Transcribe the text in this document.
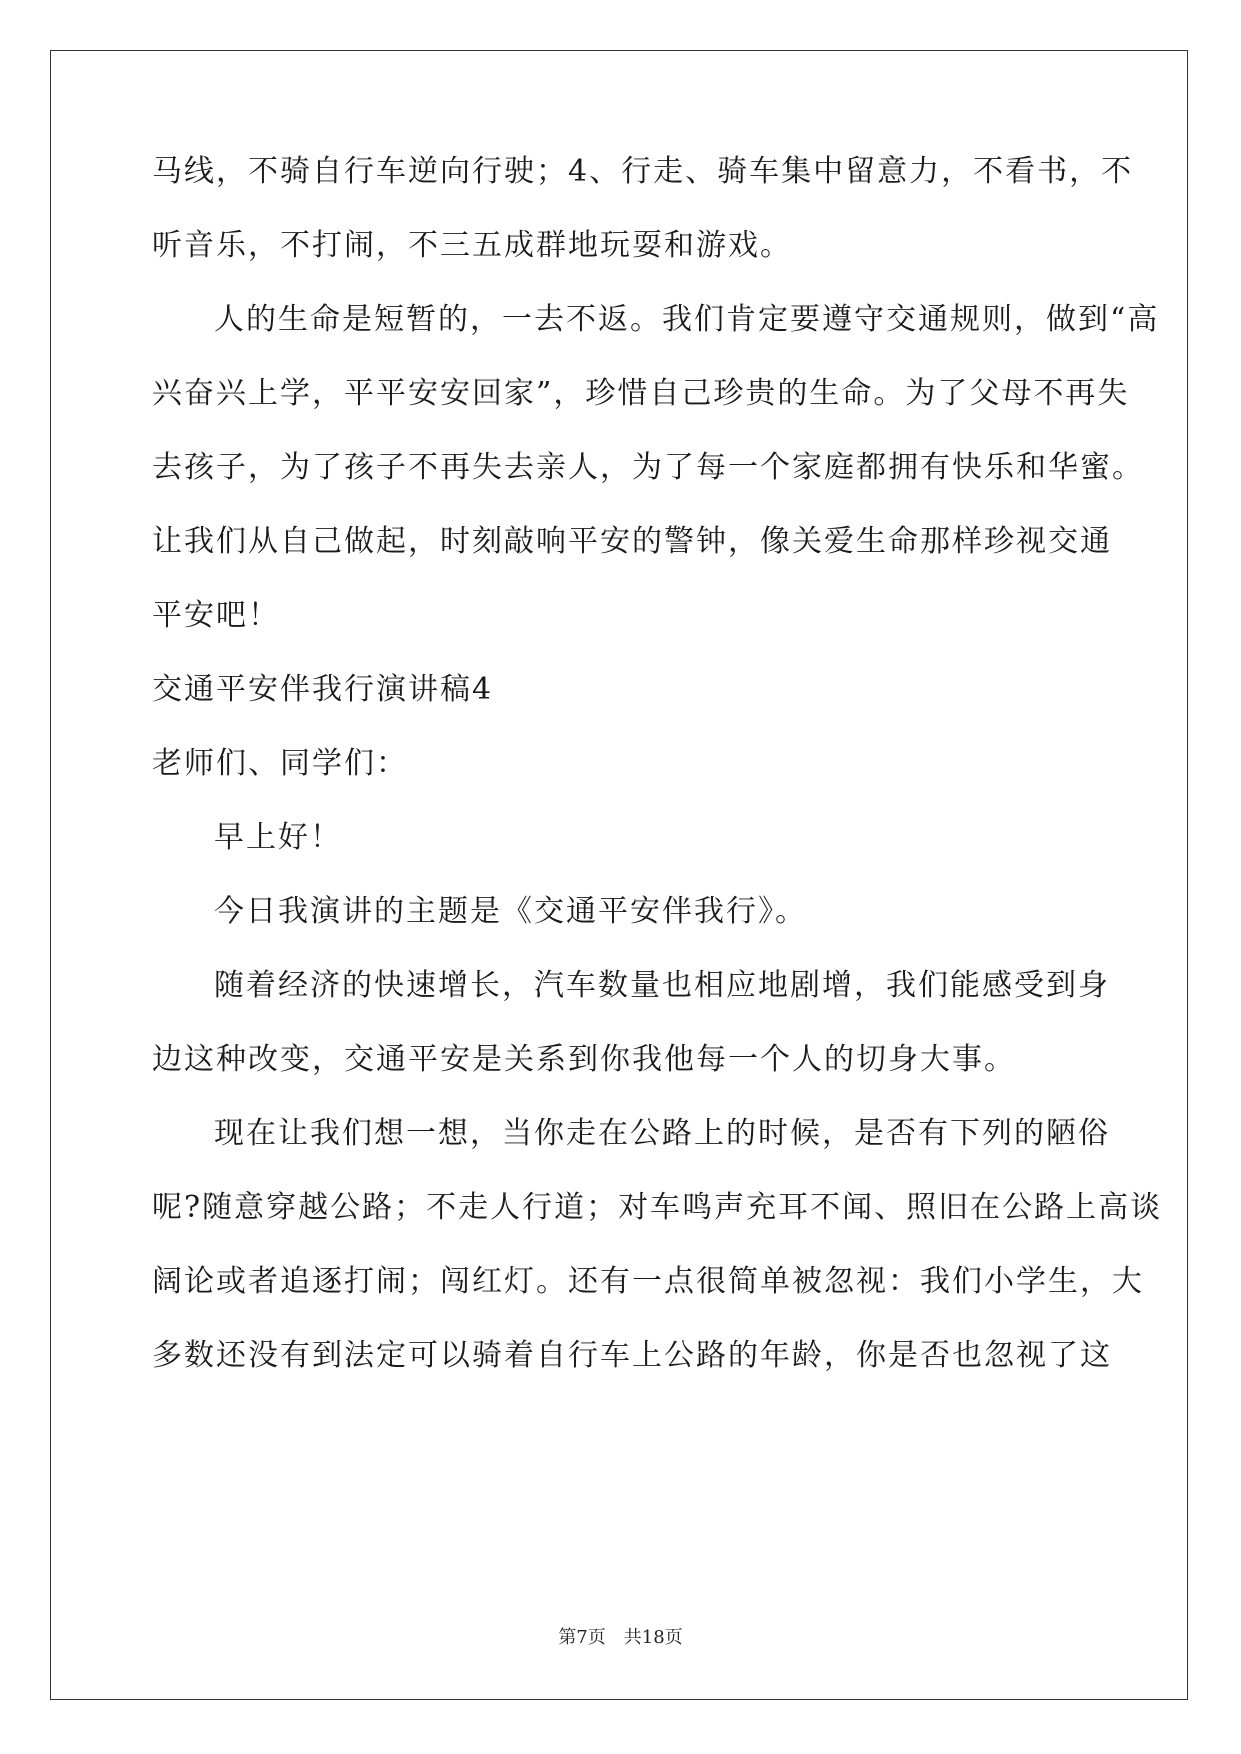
马线，不骑自行车逆向行驶；4、行走、骑车集中留意力，不看书，不
听音乐，不打闹，不三五成群地玩耍和游戏。
人的生命是短暂的，一去不返。我们肯定要遵守交通规则，做到“高
兴奋兴上学，平平安安回家”，珍惜自己珍贵的生命。为了父母不再失
去孩子，为了孩子不再失去亲人，为了每一个家庭都拥有快乐和华蜜。
让我们从自己做起，时刻敲响平安的警钟，像关爱生命那样珍视交通
平安吧！
交通平安伴我行演讲稿4
老师们、同学们：
早上好！
今日我演讲的主题是《交通平安伴我行》。
随着经济的快速增长，汽车数量也相应地剧增，我们能感受到身
边这种改变，交通平安是关系到你我他每一个人的切身大事。
现在让我们想一想，当你走在公路上的时候，是否有下列的陋俗
呢?随意穿越公路；不走人行道；对车鸣声充耳不闻、照旧在公路上高谈
阔论或者追逐打闹；闯红灯。还有一点很简单被忽视：我们小学生，大
多数还没有到法定可以骑着自行车上公路的年龄，你是否也忽视了这
第7页　共18页
